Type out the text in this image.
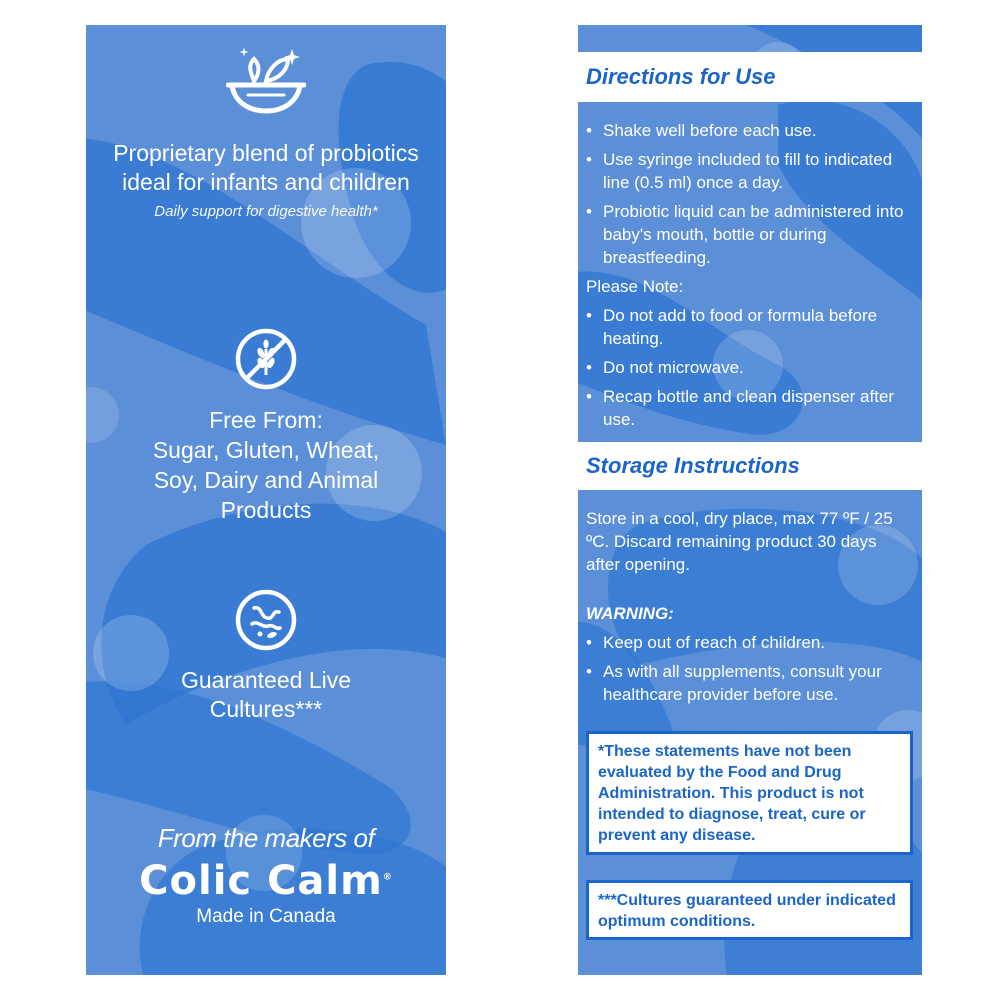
Proprietary blend of probiotics ideal for infants and children

Daily support for digestive health*
Free From:
Sugar, Gluten, Wheat, Soy, Dairy and Animal Products
Guaranteed Live Cultures***
From the makers of
Colic Calm®
Made in Canada
Directions for Use
• Shake well before each use.
• Use syringe included to fill to indicated line (0.5 ml) once a day.
• Probiotic liquid can be administered into baby's mouth, bottle or during breastfeeding.
Please Note:
• Do not add to food or formula before heating.
• Do not microwave.
• Recap bottle and clean dispenser after use.
Storage Instructions
Store in a cool, dry place, max 77 ºF / 25 ºC. Discard remaining product 30 days after opening.
WARNING:
• Keep out of reach of children.
• As with all supplements, consult your healthcare provider before use.
*These statements have not been evaluated by the Food and Drug Administration. This product is not intended to diagnose, treat, cure or prevent any disease.
***Cultures guaranteed under indicated optimum conditions.
